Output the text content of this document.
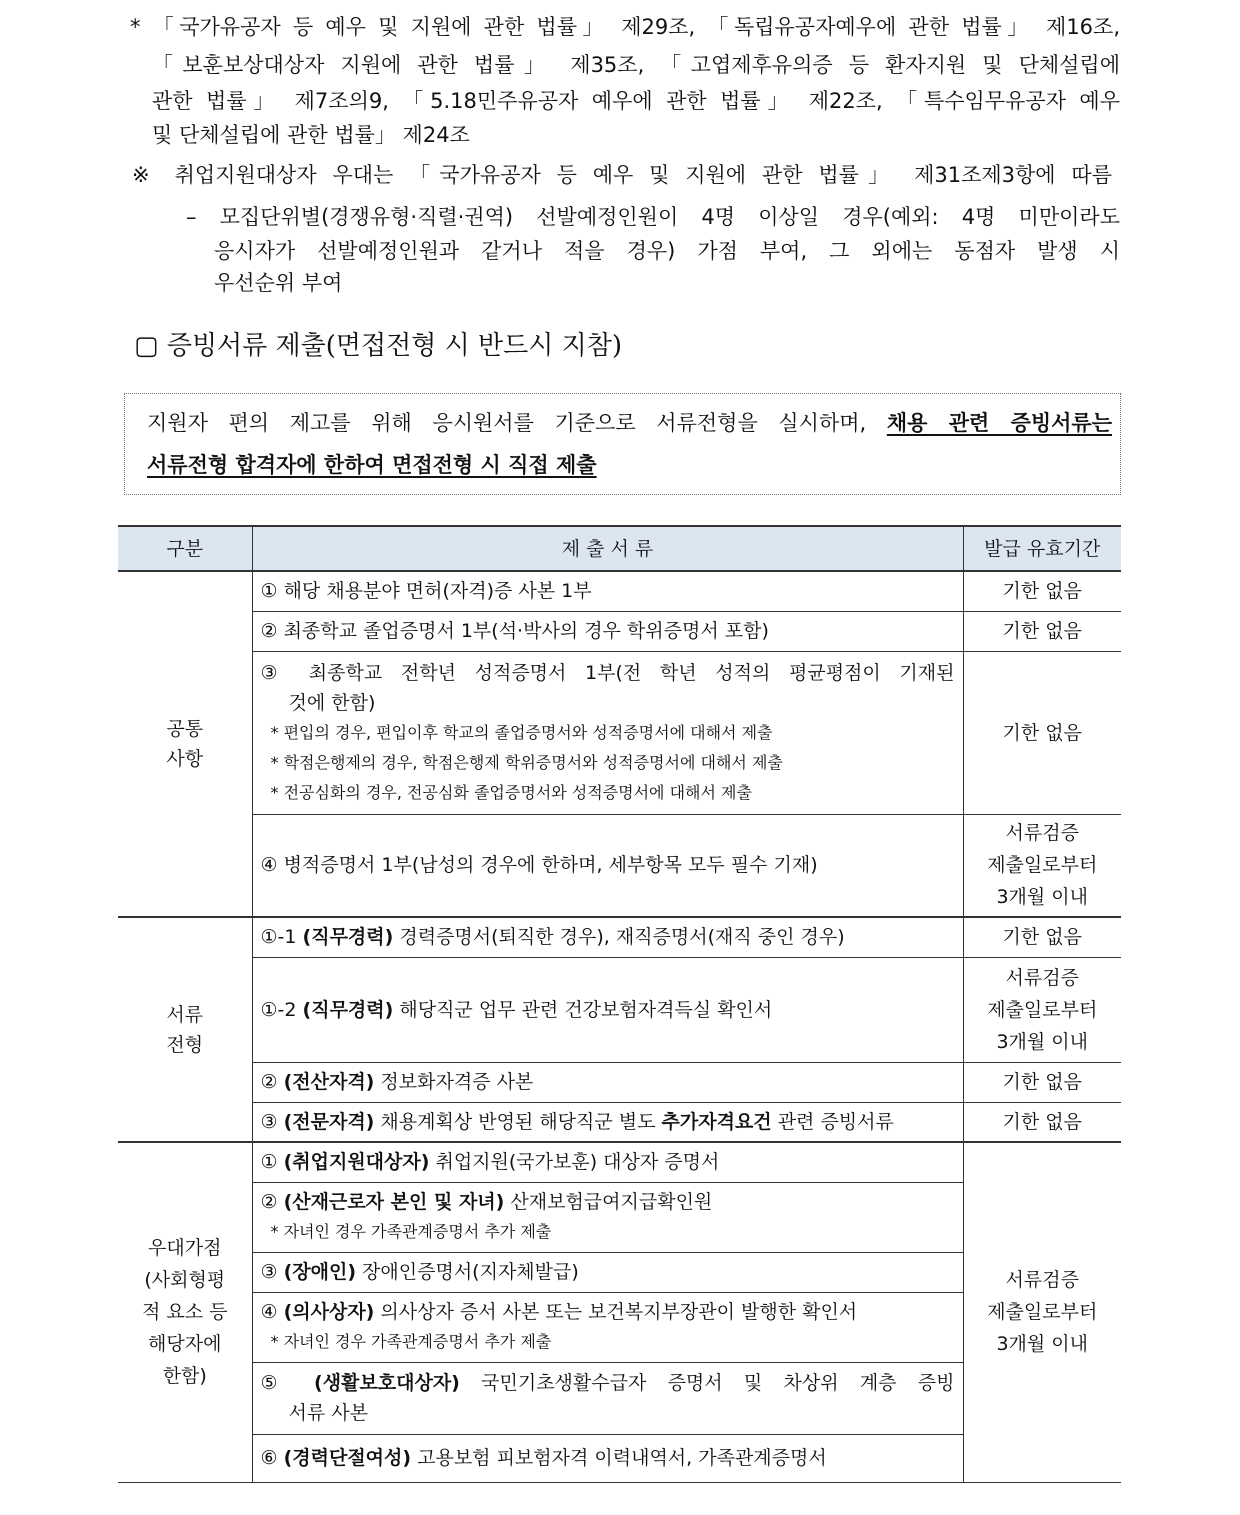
* 「국가유공자 등 예우 및 지원에 관한 법률」 제29조, 「독립유공자예우에 관한 법률」 제16조,
「보훈보상대상자 지원에 관한 법률」 제35조, 「고엽제후유의증 등 환자지원 및 단체설립에
관한 법률」 제7조의9, 「5.18민주유공자 예우에 관한 법률」 제22조, 「특수임무유공자 예우
및 단체설립에 관한 법률」 제24조
※ 취업지원대상자 우대는 「국가유공자 등 예우 및 지원에 관한 법률」 제31조제3항에 따름
– 모집단위별(경쟁유형·직렬·권역) 선발예정인원이 4명 이상일 경우(예외: 4명 미만이라도
응시자가 선발예정인원과 같거나 적을 경우) 가점 부여, 그 외에는 동점자 발생 시
우선순위 부여
▢ 증빙서류 제출(면접전형 시 반드시 지참)
지원자 편의 제고를 위해 응시원서를 기준으로 서류전형을 실시하며, 채용 관련 증빙서류는
서류전형 합격자에 한하여 면접전형 시 직접 제출
구분	제 출 서 류	발급 유효기간
공통
사항	① 해당 채용분야 면허(자격)증 사본 1부	기한 없음
	② 최종학교 졸업증명서 1부(석·박사의 경우 학위증명서 포함)	기한 없음

	③ 최종학교 전학년 성적증명서 1부(전 학년 성적의 평균평점이 기재된
것에 한함)
* 편입의 경우, 편입이후 학교의 졸업증명서와 성적증명서에 대해서 제출
* 학점은행제의 경우, 학점은행제 학위증명서와 성적증명서에 대해서 제출
* 전공심화의 경우, 전공심화 졸업증명서와 성적증명서에 대해서 제출	기한 없음
	④ 병적증명서 1부(남성의 경우에 한하며, 세부항목 모두 필수 기재)	서류검증
제출일로부터
3개월 이내
서류
전형	①-1 (직무경력) 경력증명서(퇴직한 경우), 재직증명서(재직 중인 경우)	기한 없음
	①-2 (직무경력) 해당직군 업무 관련 건강보험자격득실 확인서	서류검증
제출일로부터
3개월 이내
	② (전산자격) 정보화자격증 사본	기한 없음
	③ (전문자격) 채용계획상 반영된 해당직군 별도 추가자격요건 관련 증빙서류	기한 없음
우대가점
(사회형평
적 요소 등
해당자에
한함)	① (취업지원대상자) 취업지원(국가보훈) 대상자 증명서	서류검증
제출일로부터
3개월 이내

	② (산재근로자 본인 및 자녀) 산재보험급여지급확인원
* 자녀인 경우 가족관계증명서 추가 제출	

	③ (장애인) 장애인증명서(지자체발급)	

	④ (의사상자) 의사상자 증서 사본 또는 보건복지부장관이 발행한 확인서
* 자녀인 경우 가족관계증명서 추가 제출	

	⑤ (생활보호대상자) 국민기초생활수급자 증명서 및 차상위 계층 증빙
서류 사본	

	⑥ (경력단절여성) 고용보험 피보험자격 이력내역서, 가족관계증명서	
